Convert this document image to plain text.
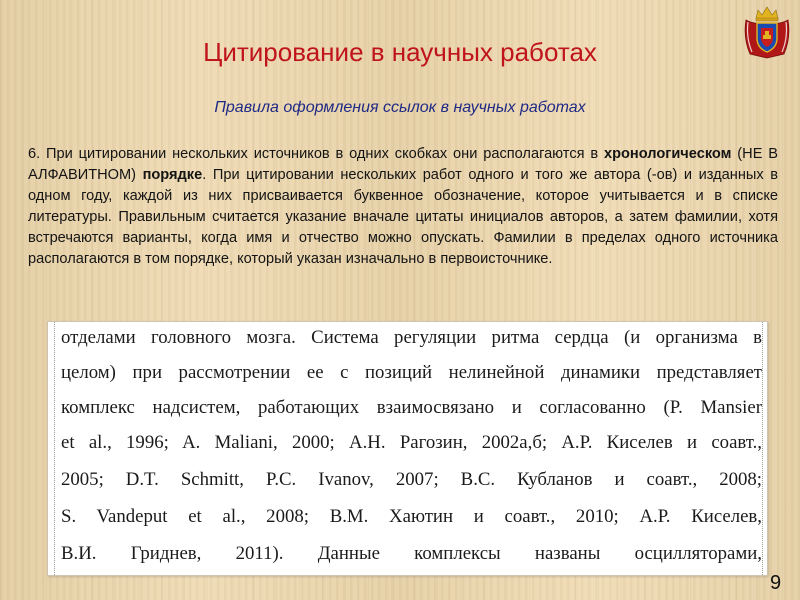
Цитирование в научных работах
Правила оформления ссылок в научных работах
6. При цитировании нескольких источников в одних скобках они располагаются в хронологическом (НЕ В АЛФАВИТНОМ) порядке. При цитировании нескольких работ одного и того же автора (-ов) и изданных в одном году, каждой из них присваивается буквенное обозначение, которое учитывается и в списке литературы. Правильным считается указание вначале цитаты инициалов авторов, а затем фамилии, хотя встречаются варианты, когда имя и отчество можно опускать. Фамилии в пределах одного источника располагаются в том порядке, который указан изначально в первоисточнике.
отделами головного мозга. Система регуляции ритма сердца (и организма в
целом) при рассмотрении ее с позиций нелинейной динамики представляет
комплекс надсистем, работающих взаимосвязано и согласованно (P. Mansier
et al., 1996; A. Maliani, 2000; А.Н. Рагозин, 2002а,б; А.Р. Киселев и соавт.,
2005; D.T. Schmitt, P.C. Ivanov, 2007; В.С. Кубланов и соавт., 2008;
S. Vandeput et al., 2008; В.М. Хаютин и соавт., 2010; А.Р. Киселев,
В.И. Гриднев, 2011). Данные комплексы названы осцилляторами,
9
